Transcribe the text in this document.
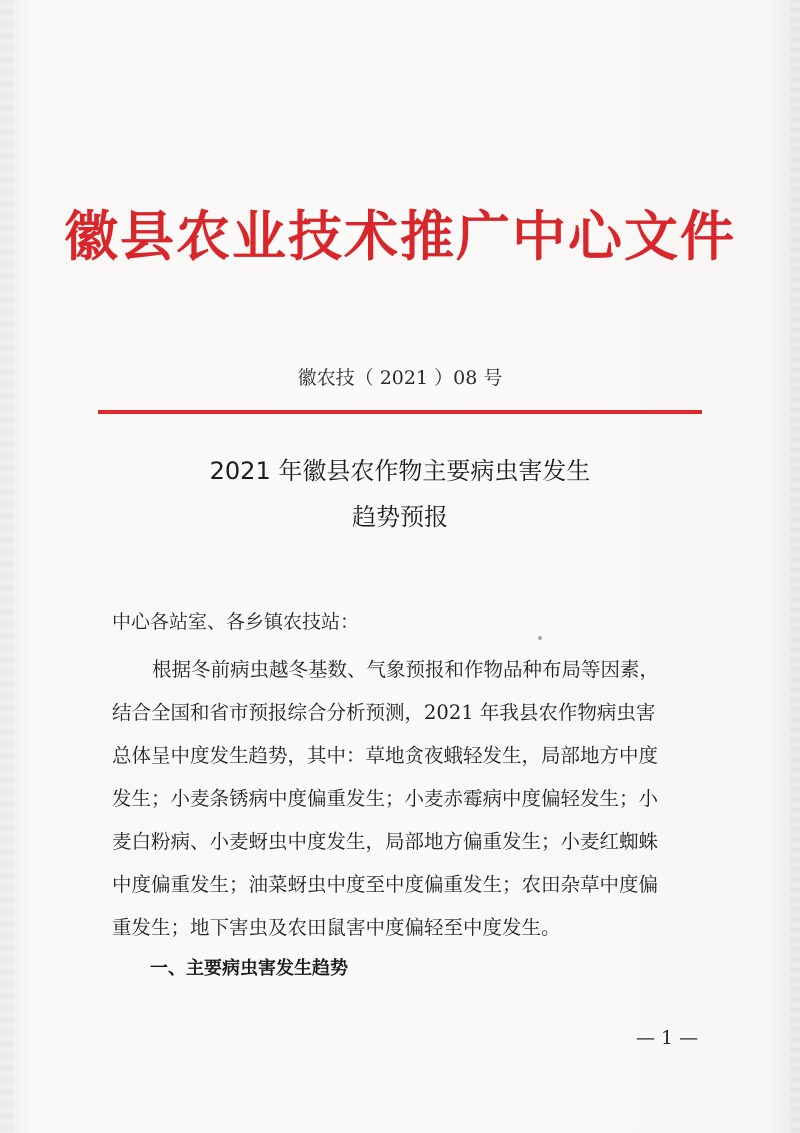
徽县农业技术推广中心文件
徽农技（ 2021 ）08 号
2021 年徽县农作物主要病虫害发生
趋势预报
中心各站室、各乡镇农技站：
根据冬前病虫越冬基数、气象预报和作物品种布局等因素，
结合全国和省市预报综合分析预测，2021 年我县农作物病虫害
总体呈中度发生趋势，其中：草地贪夜蛾轻发生，局部地方中度
发生；小麦条锈病中度偏重发生；小麦赤霉病中度偏轻发生；小
麦白粉病、小麦蚜虫中度发生，局部地方偏重发生；小麦红蜘蛛
中度偏重发生；油菜蚜虫中度至中度偏重发生；农田杂草中度偏
重发生；地下害虫及农田鼠害中度偏轻至中度发生。
一、主要病虫害发生趋势
— 1 —
